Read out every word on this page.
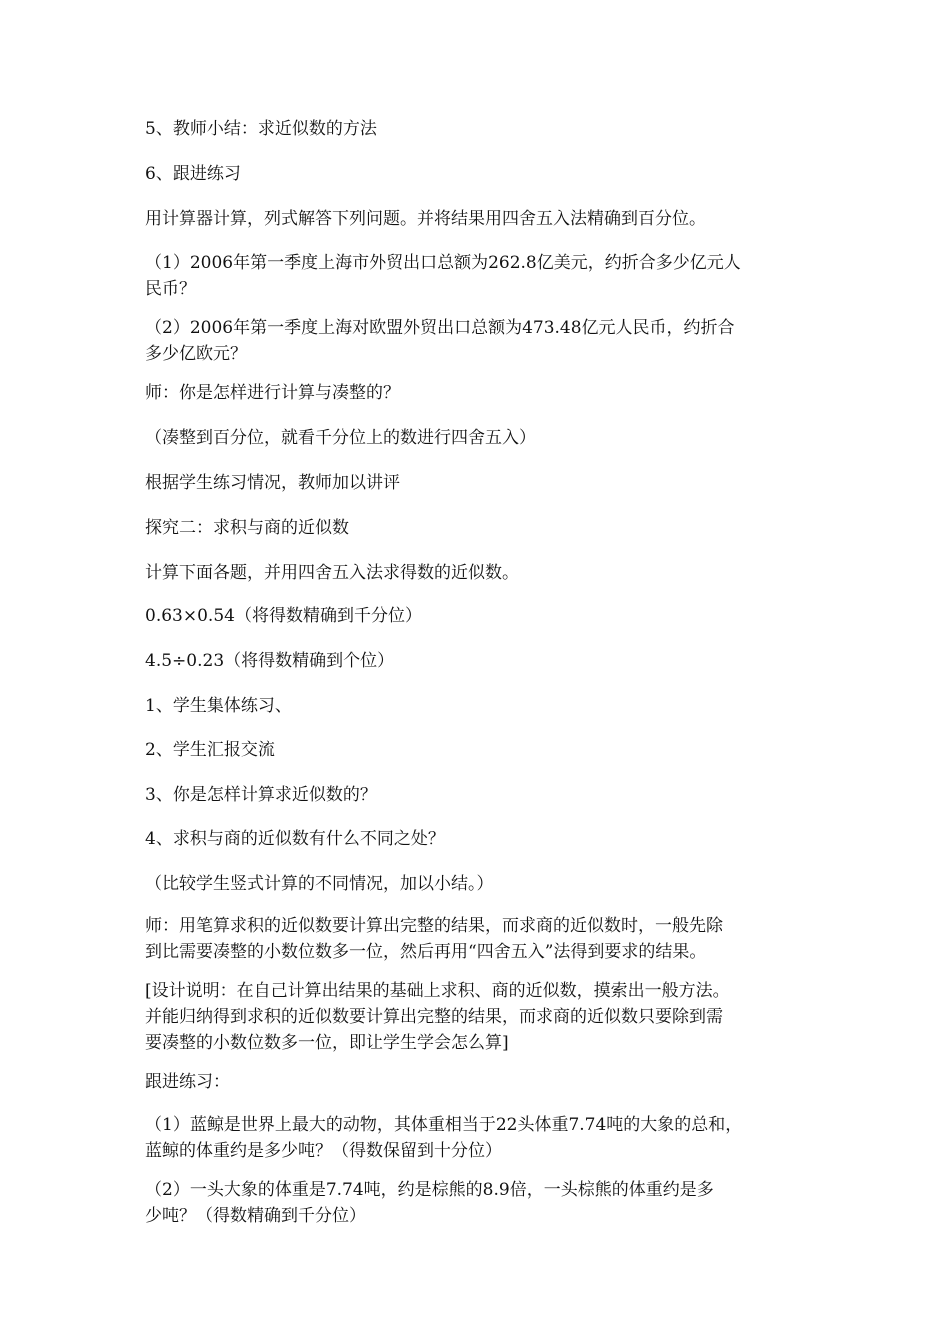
5、教师小结：求近似数的方法

6、跟进练习

用计算器计算，列式解答下列问题。并将结果用四舍五入法精确到百分位。

（1）2006年第一季度上海市外贸出口总额为262.8亿美元，约折合多少亿元人
民币？

（2）2006年第一季度上海对欧盟外贸出口总额为473.48亿元人民币，约折合
多少亿欧元？

师：你是怎样进行计算与凑整的？

（凑整到百分位，就看千分位上的数进行四舍五入）

根据学生练习情况，教师加以讲评

探究二：求积与商的近似数

计算下面各题，并用四舍五入法求得数的近似数。

0.63×0.54（将得数精确到千分位）

4.5÷0.23（将得数精确到个位）

1、学生集体练习、

2、学生汇报交流

3、你是怎样计算求近似数的？

4、求积与商的近似数有什么不同之处？

（比较学生竖式计算的不同情况，加以小结。）

师：用笔算求积的近似数要计算出完整的结果，而求商的近似数时，一般先除
到比需要凑整的小数位数多一位，然后再用“四舍五入”法得到要求的结果。

[设计说明：在自己计算出结果的基础上求积、商的近似数，摸索出一般方法。
并能归纳得到求积的近似数要计算出完整的结果，而求商的近似数只要除到需
要凑整的小数位数多一位，即让学生学会怎么算]

跟进练习：

（1）蓝鲸是世界上最大的动物，其体重相当于22头体重7.74吨的大象的总和，
蓝鲸的体重约是多少吨？（得数保留到十分位）

（2）一头大象的体重是7.74吨，约是棕熊的8.9倍，一头棕熊的体重约是多
少吨？（得数精确到千分位）
